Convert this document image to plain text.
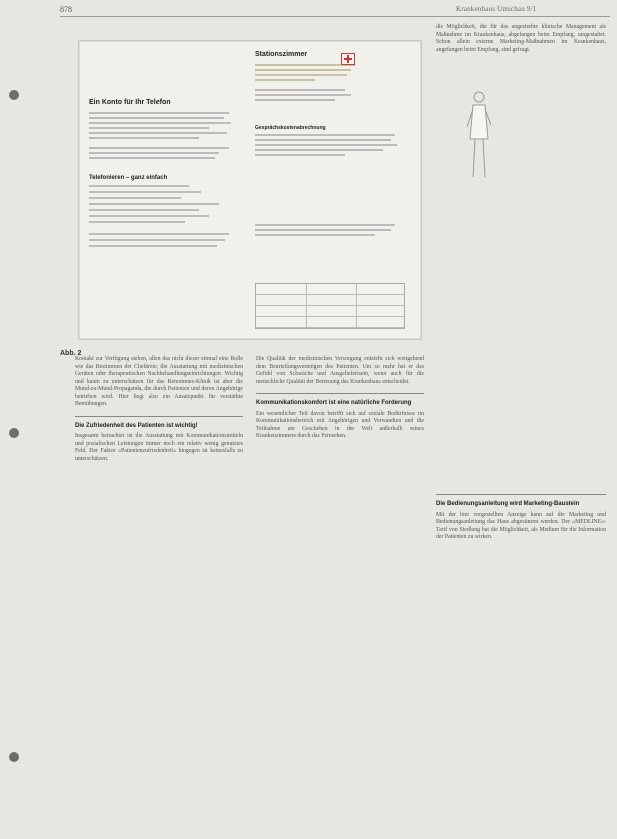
878	Krankenhaus Umschau 9/1
Ein Konto für Ihr Telefon
Telefonieren – ganz einfach
Stationszimmer
Gesprächskostenabrechnung
Abb. 2

Kontakt zur Verfügung stehen, allen das nicht dieser einmal eine Rolle wie das Bestimmen der Chefärzte, die Ausstattung mit medizinischen Geräten oder therapeutischen Nachbehandlungseinrichtungen. Wichtig und kaum zu unterschätzen für das Renommee-Klinik ist aber die Mund-zu-Mund-Propaganda, die durch Patienten und deren Angehörige betrieben wird. Hier liegt also ein Ansatzpunkt für verstärkte Bemühungen.

Die Zufriedenheit des Patienten ist wichtig!

Insgesamt betrachtet ist die Ausstattung mit Kommunikationsmitteln und postalischen Leistungen immer noch ein relativ wenig genutztes Feld. Der Faktor »Patientenzufriedenheit« hingegen ist keinesfalls zu unterschätzen.

Die Qualität der medizinischen Versorgung entzieht sich weitgehend dem Beurteilungsvermögen des Patienten. Um so mehr hat er das Gefühl von Schwäche und Ausgeliefertsein, wenn auch für die menschliche Qualität der Betreuung das Krankenhaus entscheidet.

Kommunikationskomfort ist eine natürliche Forderung

Ein wesentlicher Teil davon betrifft sich auf soziale Bedürfnisse im Kommunikationsbereich mit Angehörigen und Verwandten und die Teilnahme am Geschehen in der Welt außerhalb seines Krankenzimmers durch das Fernsehen.

die Möglichkeit, die für das angestrebte klinische Management als Maßnahme im Krankenhaus, abgefangen beim Empfang, umgestaltet. Schon allein externe Marketing-Maßnahmen im Krankenhaus, angefangen beim Empfang, sind gefragt.

Die Bedienungsanleitung wird Marketing-Baustein

Mit der hier vorgestellten Anzeige kann auf die Marketing und Bedienungsanleitung das Haus abgestimmt werden. Der »MEDLINE«-Tarif von Siedlung hat die Möglichkeit, als Medium für die Information der Patienten zu wirken.
